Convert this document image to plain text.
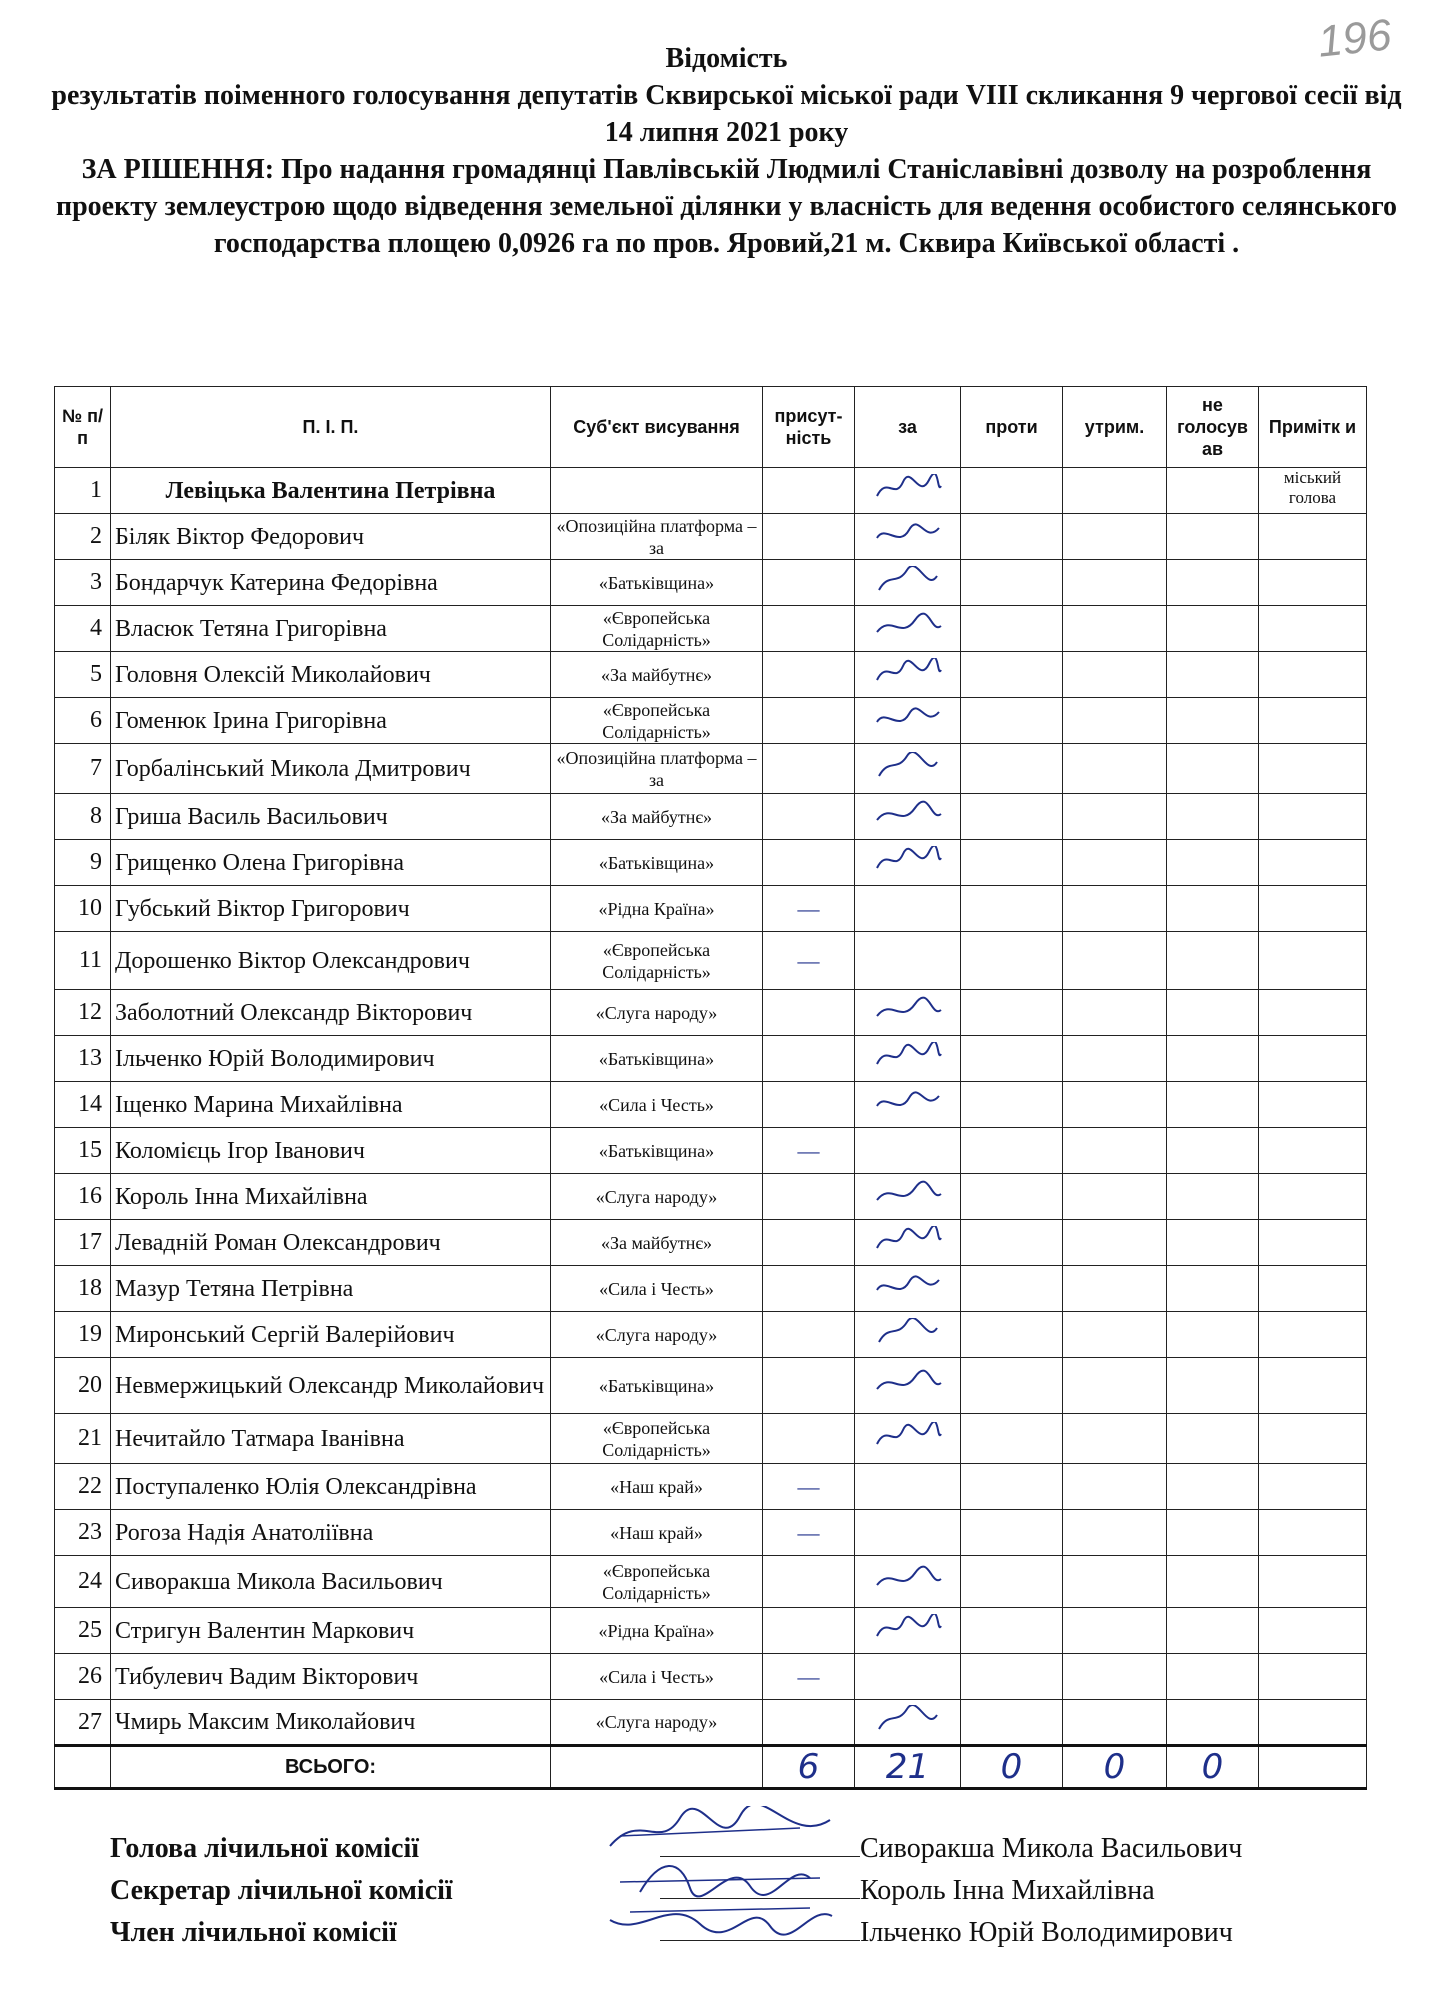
196
Відомість
результатів поіменного голосування депутатів Сквирської міської ради VIII скликання 9 чергової сесії від 14 липня 2021 року
ЗА РІШЕННЯ: Про надання громадянці Павлівській Людмилі Станіславівні дозволу на розроблення проекту землеустрою щодо відведення земельної ділянки у власність для ведення особистого селянського господарства площею 0,0926 га по пров. Яровий,21 м. Сквира Київської області .
№ п/п	П. І. П.	Суб'єкт висування	присут-ність	за	проти	утрим.	не голосув ав	Примітк и
1	Левіцька Валентина Петрівна							міський голова
2	Біляк Віктор Федорович	«Опозиційна платформа – за						
3	Бондарчук Катерина Федорівна	«Батьківщина»						
4	Власюк Тетяна Григорівна	«Європейська Солідарність»						
5	Головня Олексій Миколайович	«За майбутнє»						
6	Гоменюк Ірина Григорівна	«Європейська Солідарність»						
7	Горбалінський Микола Дмитрович	«Опозиційна платформа – за						
8	Гриша Василь Васильович	«За майбутнє»						
9	Грищенко Олена Григорівна	«Батьківщина»						
10	Губський Віктор Григорович	«Рідна Країна»	—					
11	Дорошенко Віктор Олександрович	«Європейська Солідарність»	—					
12	Заболотний Олександр Вікторович	«Слуга народу»						
13	Ільченко Юрій Володимирович	«Батьківщина»						
14	Іщенко Марина Михайлівна	«Сила і Честь»						
15	Коломієць Ігор Іванович	«Батьківщина»	—					
16	Король Інна Михайлівна	«Слуга народу»						
17	Левадній Роман Олександрович	«За майбутнє»						
18	Мазур Тетяна Петрівна	«Сила і Честь»						
19	Миронський Сергій Валерійович	«Слуга народу»						
20	Невмержицький Олександр Миколайович	«Батьківщина»						
21	Нечитайло Татмара Іванівна	«Європейська Солідарність»						
22	Поступаленко Юлія Олександрівна	«Наш край»	—					
23	Рогоза Надія Анатоліївна	«Наш край»	—					
24	Сиворакша Микола Васильович	«Європейська Солідарність»						
25	Стригун Валентин Маркович	«Рідна Країна»						
26	Тибулевич Вадим Вікторович	«Сила і Честь»	—					
27	Чмирь Максим Миколайович	«Слуга народу»						
	ВСЬОГО:		6	21	0	0	0	
Голова лічильної комісії	Сиворакша Микола Васильович
Секретар лічильної комісії	Король Інна Михайлівна
Член лічильної комісії	Ільченко Юрій Володимирович
